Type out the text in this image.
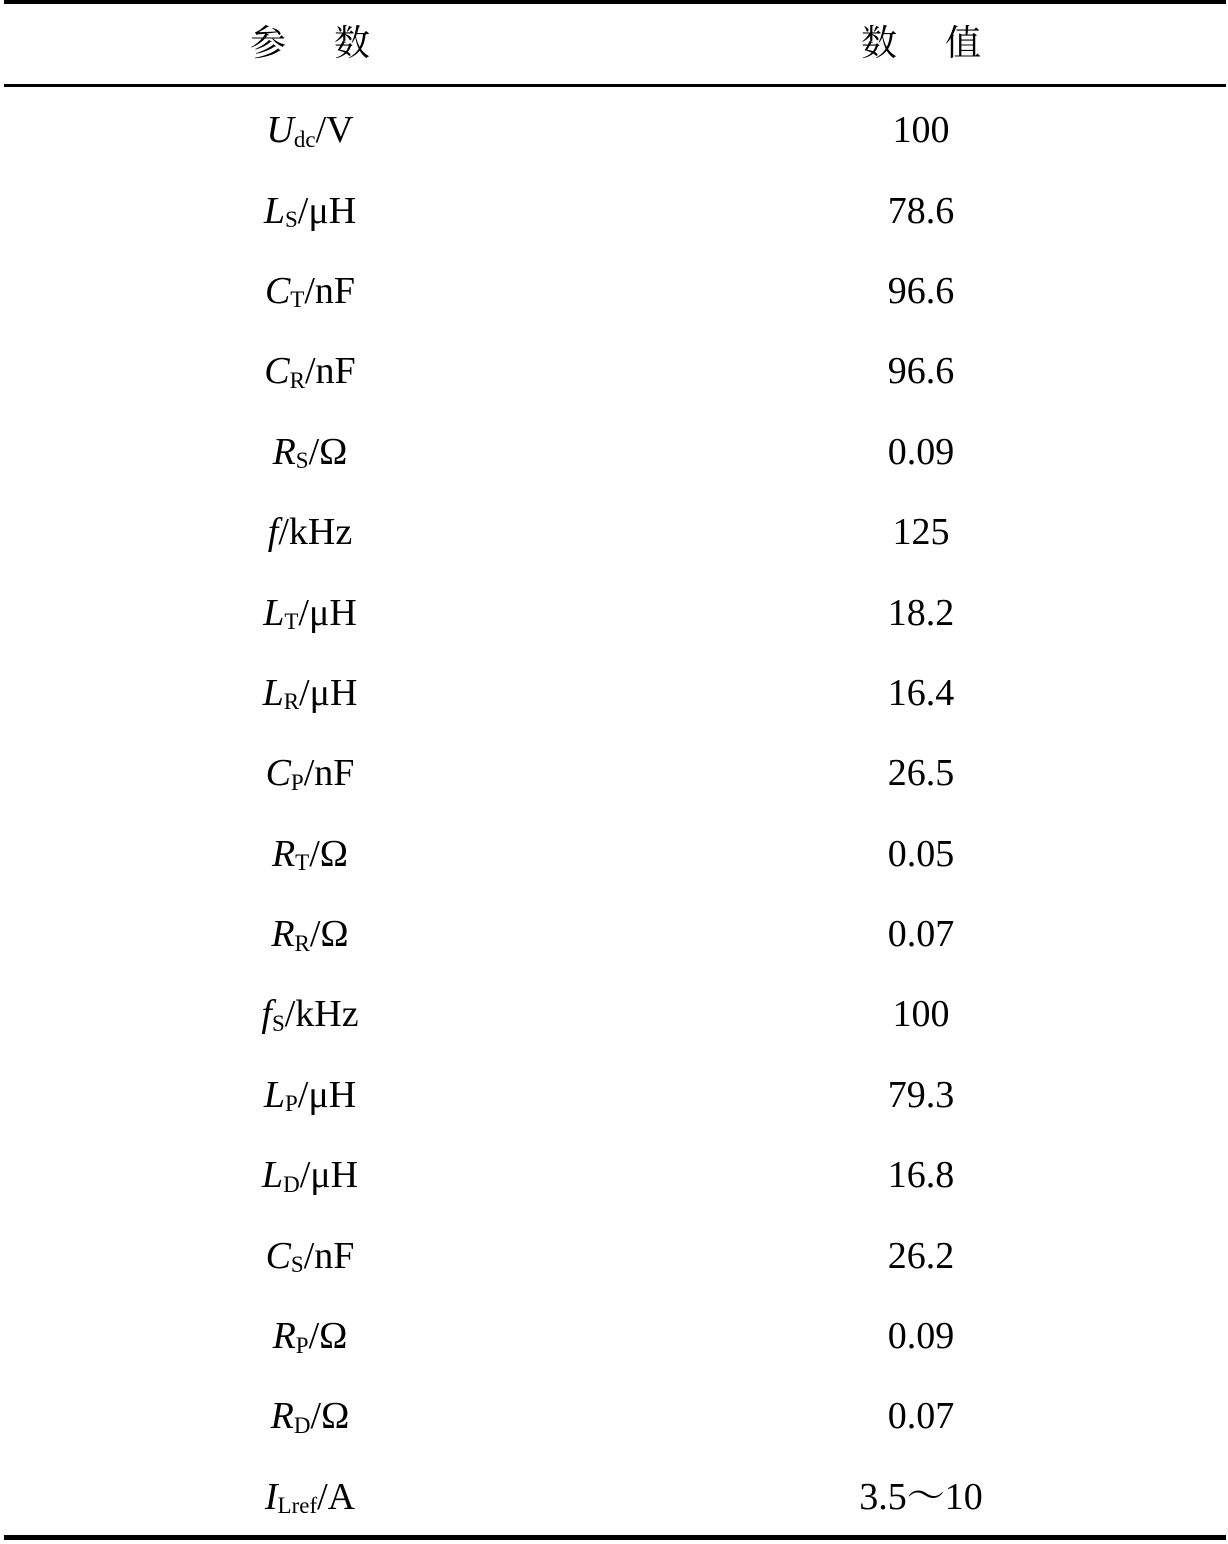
参数	数值
U dc /V	100
L S /μH	78.6
C T /nF	96.6
C R /nF	96.6
R S /Ω	0.09
f /kHz	125
L T /μH	18.2
L R /μH	16.4
C P /nF	26.5
R T /Ω	0.05
R R /Ω	0.07
f S /kHz	100
L P /μH	79.3
L D /μH	16.8
C S /nF	26.2
R P /Ω	0.09
R D /Ω	0.07
I Lref /A	3.5～10
